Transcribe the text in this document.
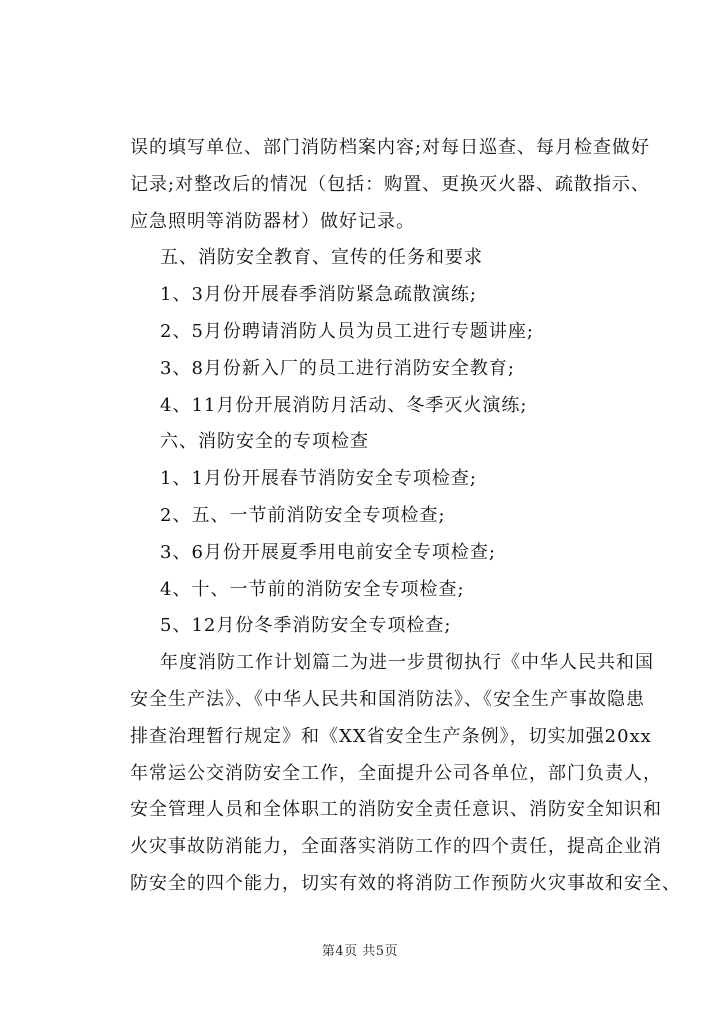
误的填写单位、部门消防档案内容;对每日巡查、每月检查做好
记录;对整改后的情况（包括：购置、更换灭火器、疏散指示、
应急照明等消防器材）做好记录。
五、消防安全教育、宣传的任务和要求
1、3月份开展春季消防紧急疏散演练;
2、5月份聘请消防人员为员工进行专题讲座;
3、8月份新入厂的员工进行消防安全教育;
4、11月份开展消防月活动、冬季灭火演练;
六、消防安全的专项检查
1、1月份开展春节消防安全专项检查;
2、五、一节前消防安全专项检查;
3、6月份开展夏季用电前安全专项检查;
4、十、一节前的消防安全专项检查;
5、12月份冬季消防安全专项检查;
年度消防工作计划篇二为进一步贯彻执行《中华人民共和国
安全生产法》、《中华人民共和国消防法》、《安全生产事故隐患
排查治理暂行规定》和《XX省安全生产条例》，切实加强20xx
年常运公交消防安全工作，全面提升公司各单位，部门负责人，
安全管理人员和全体职工的消防安全责任意识、消防安全知识和
火灾事故防消能力，全面落实消防工作的四个责任，提高企业消
防安全的四个能力，切实有效的将消防工作预防火灾事故和安全、
第4页 共5页
